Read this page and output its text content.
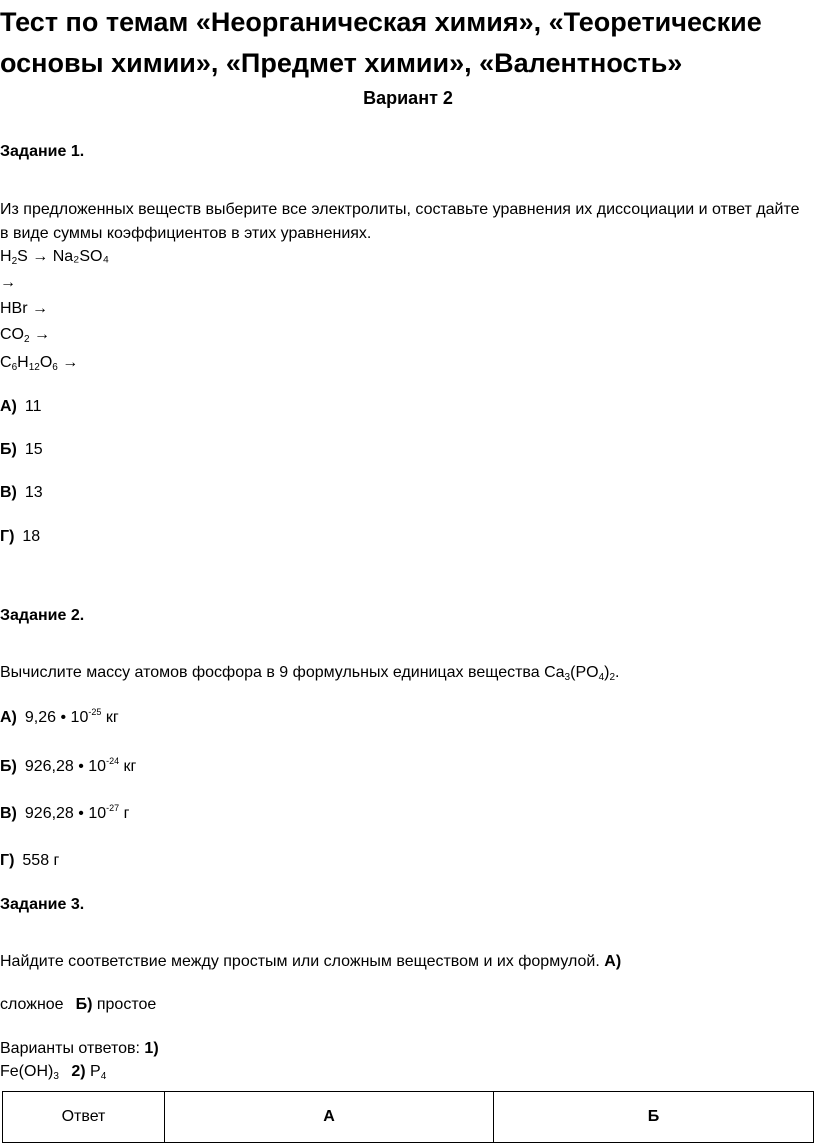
Тест по темам «Неорганическая химия», «Теоретические основы химии», «Предмет химии», «Валентность»
Вариант 2
Задание 1.
Из предложенных веществ выберите все электролиты, составьте уравнения их диссоциации и ответ дайте в виде суммы коэффициентов в этих уравнениях.
$H_2S \to Na_2SO_4$
→
HBr →
$CO_2$ →
$C_6H_{12}O_6$ →
А) 11
Б) 15
В) 13
Г) 18
Задание 2.
Вычислите массу атомов фосфора в 9 формульных единицах вещества $Ca_3(PO_4)_2$.
А) 9,26 • $10^{-25}$ кг
Б) 926,28 • $10^{-24}$ кг
В) 926,28 • $10^{-27}$ г
Г) 558 г
Задание 3.
Найдите соответствие между простым или сложным веществом и их формулой. А)
сложное Б) простое
Варианты ответов: 1)
$Fe(OH)_3$ 2) $P_4$
Ответ	А	Б
